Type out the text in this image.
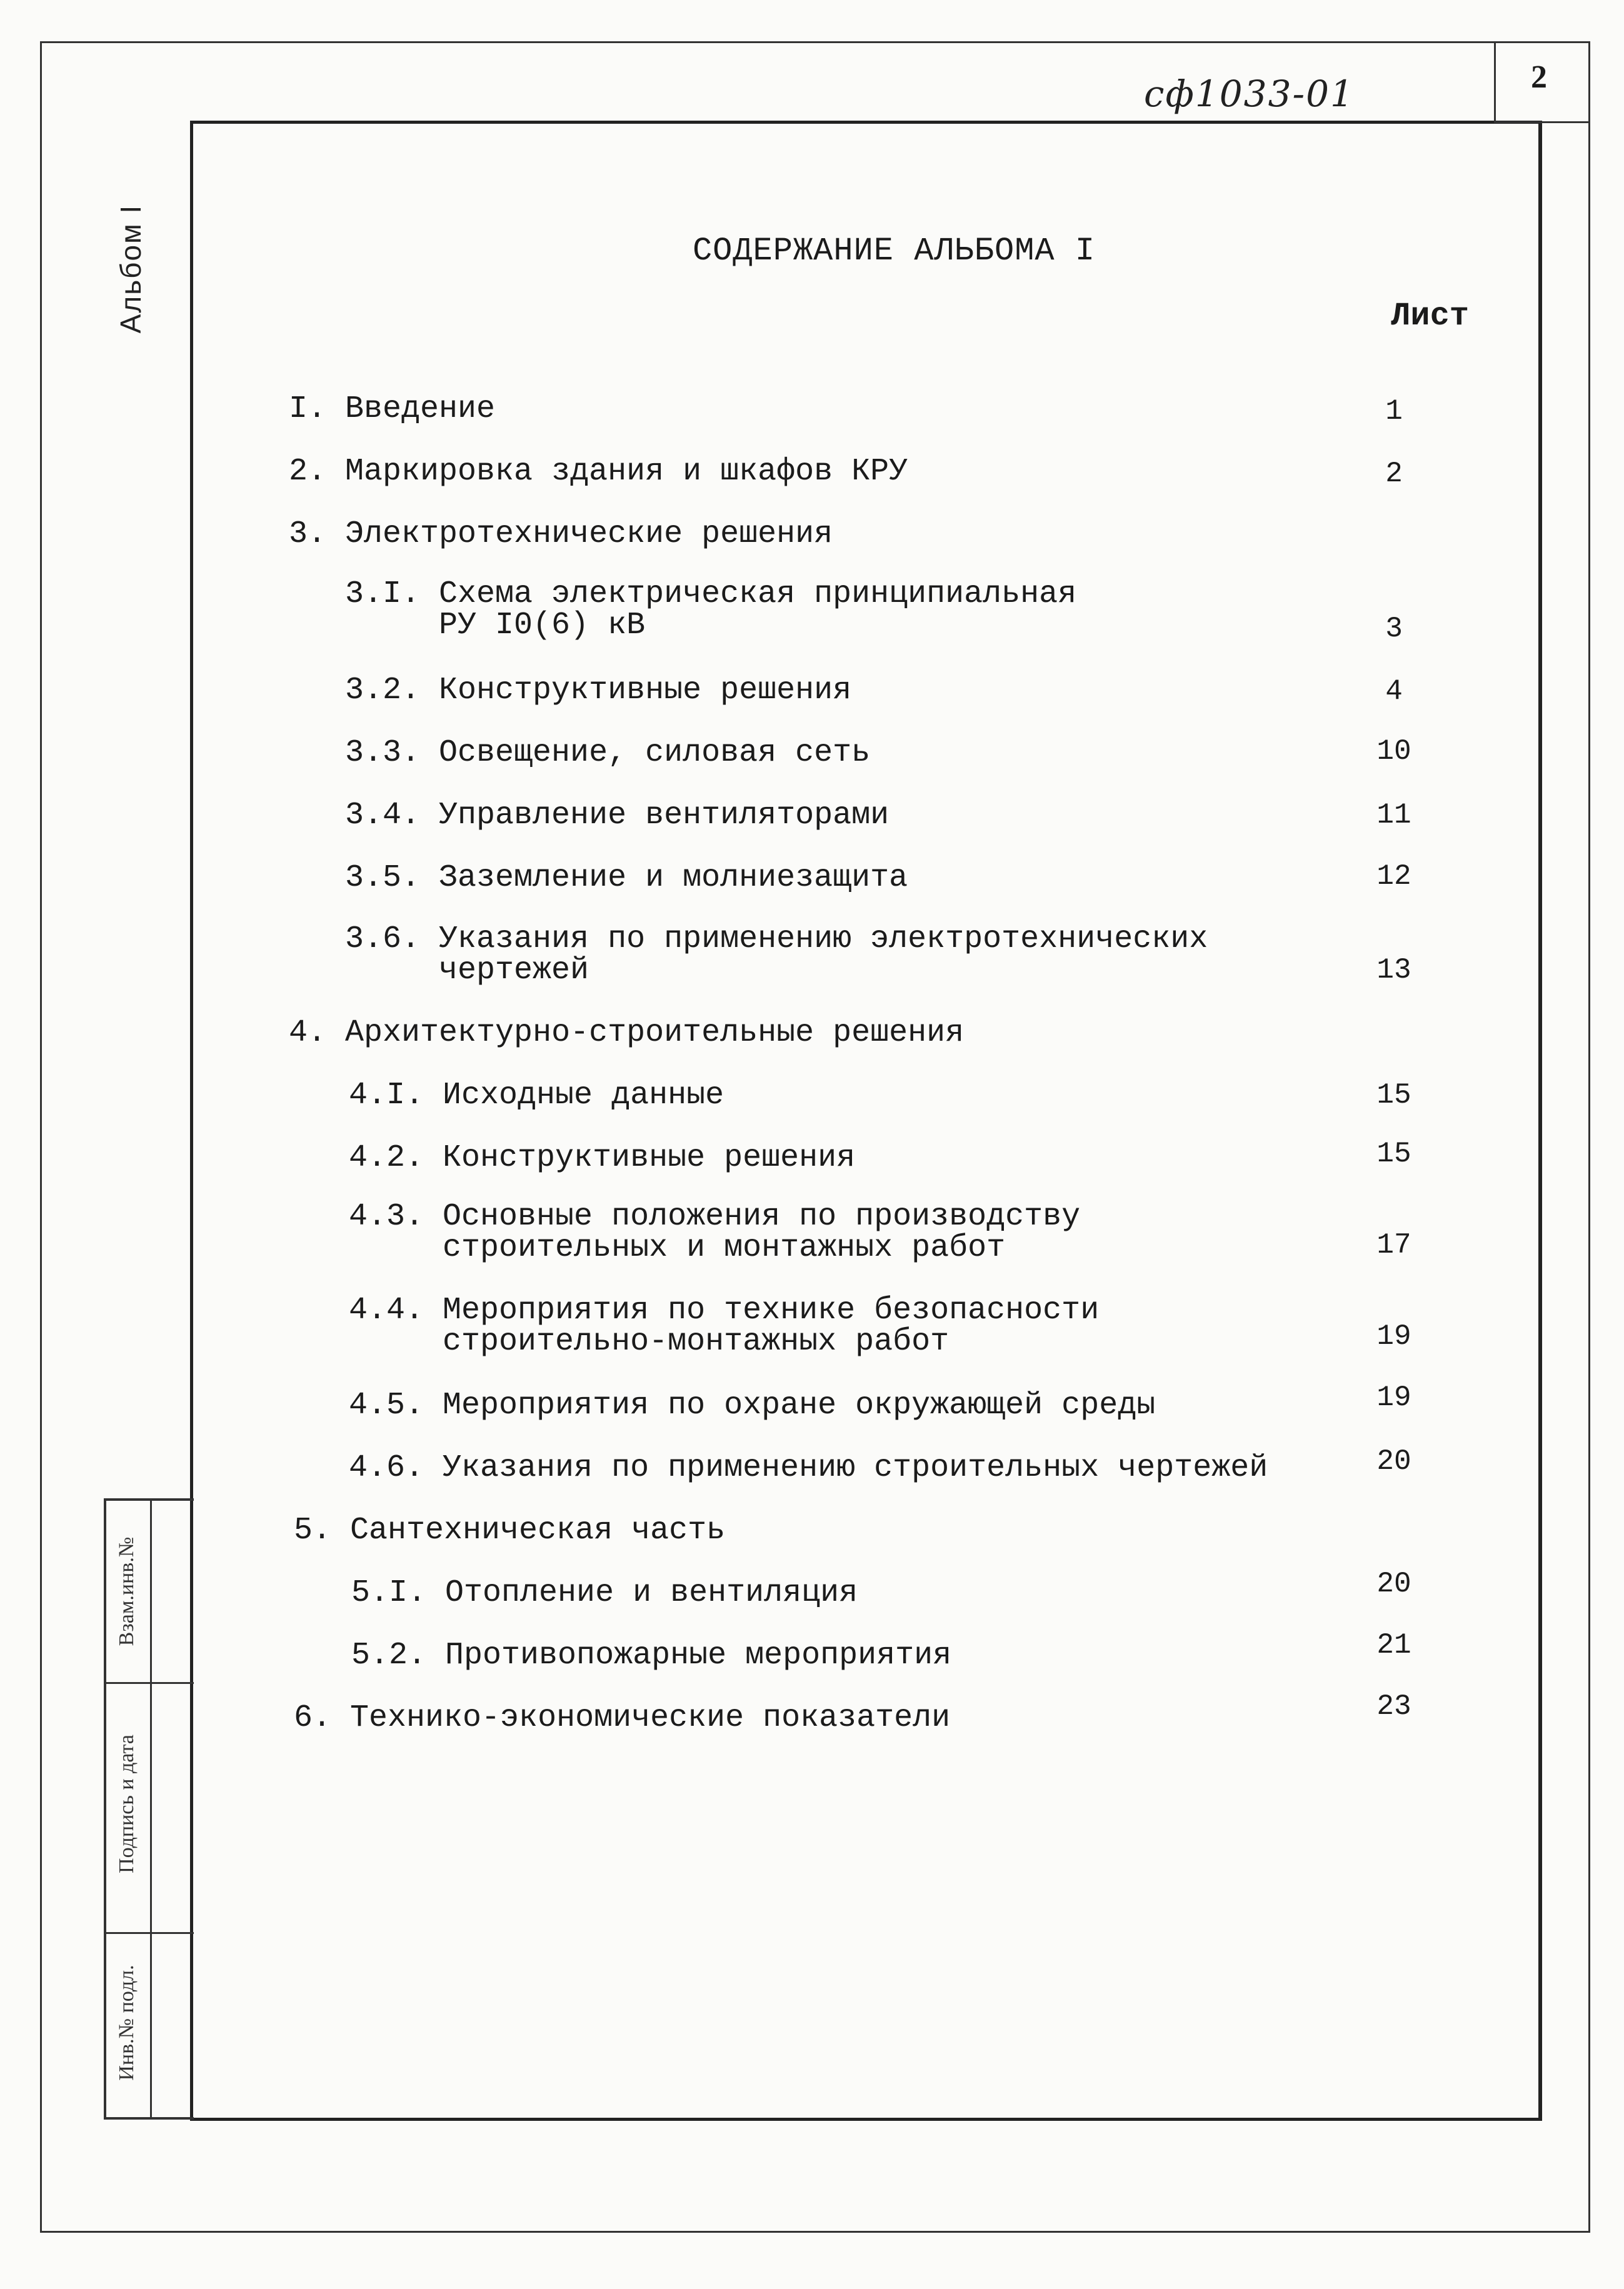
2
сф1033-01
Альбом I	СОДЕРЖАНИЕ АЛЬБОМА I
Лист
I. Введение	1
2. Маркировка здания и шкафов КРУ	2
3. Электротехнические решения
3.I. Схема электрическая принципиальная
РУ I0(6) кВ	3
3.2. Конструктивные решения	4
3.3. Освещение, силовая сеть	10
3.4. Управление вентиляторами	11
3.5. Заземление и молниезащита	12
3.6. Указания по применению электротехнических
чертежей	13
4. Архитектурно-строительные решения
4.I. Исходные данные	15
4.2. Конструктивные решения	15
4.3. Основные положения по производству
строительных и монтажных работ	17
4.4. Мероприятия по технике безопасности
строительно-монтажных работ	19
4.5. Мероприятия по охране окружающей среды	19
4.6. Указания по применению строительных чертежей	20
5. Сантехническая часть
5.I. Отопление и вентиляция	20
5.2. Противопожарные мероприятия	21
6. Технико-экономические показатели	23
Взам.инв.№
Подпись и дата
Инв.№ подл.
